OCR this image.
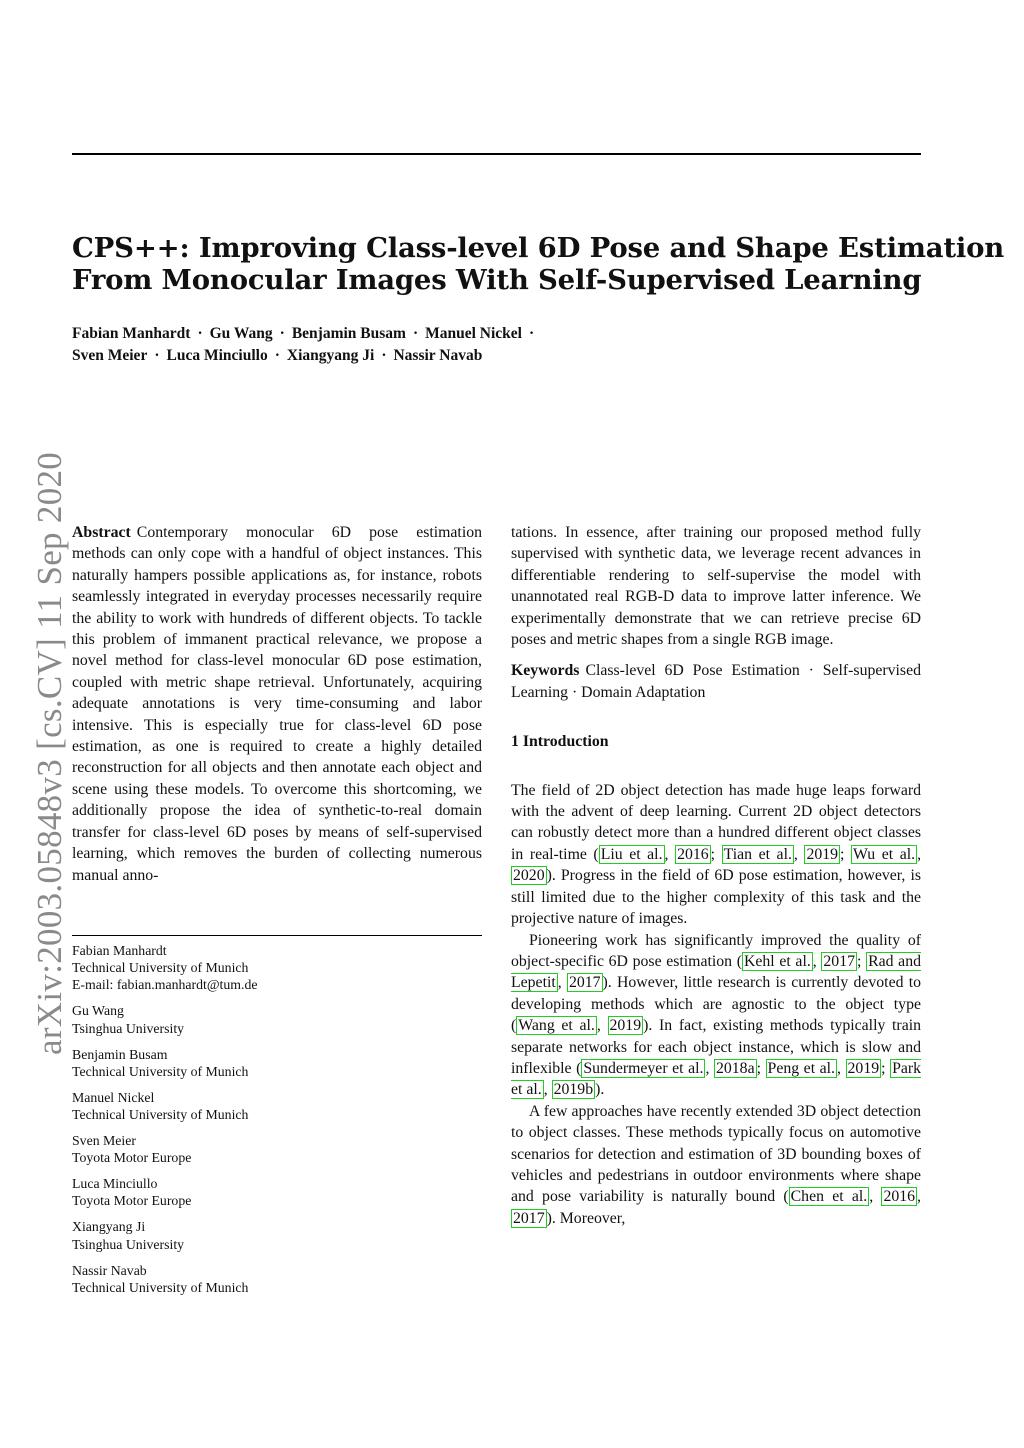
CPS++: Improving Class-level 6D Pose and Shape Estimation
From Monocular Images With Self-Supervised Learning
Fabian Manhardt · Gu Wang · Benjamin Busam · Manuel Nickel ·
Sven Meier · Luca Minciullo · Xiangyang Ji · Nassir Navab
arXiv:2003.05848v3 [cs.CV] 11 Sep 2020 Abstract Contemporary monocular 6D pose estimation methods can only cope with a handful of object instances. This naturally hampers possible applications as, for instance, robots seamlessly integrated in everyday processes necessarily require the ability to work with hundreds of different objects. To tackle this problem of immanent practical relevance, we propose a novel method for class-level monocular 6D pose estimation, coupled with metric shape retrieval. Unfortunately, acquiring adequate annotations is very time-consuming and labor intensive. This is especially true for class-level 6D pose estimation, as one is required to create a highly detailed reconstruction for all objects and then annotate each object and scene using these models. To overcome this shortcoming, we additionally propose the idea of synthetic-to-real domain transfer for class-level 6D poses by means of self-supervised learning, which removes the burden of collecting numerous manual anno-

Fabian Manhardt
Technical University of Munich
E-mail: fabian.manhardt@tum.de
Gu Wang
Tsinghua University
Benjamin Busam
Technical University of Munich
Manuel Nickel
Technical University of Munich
Sven Meier
Toyota Motor Europe
Luca Minciullo
Toyota Motor Europe
Xiangyang Ji
Tsinghua University
Nassir Navab
Technical University of Munich

tations. In essence, after training our proposed method fully supervised with synthetic data, we leverage recent advances in differentiable rendering to self-supervise the model with unannotated real RGB-D data to improve latter inference. We experimentally demonstrate that we can retrieve precise 6D poses and metric shapes from a single RGB image.

Keywords Class-level 6D Pose Estimation · Self-supervised Learning · Domain Adaptation

1 Introduction

The field of 2D object detection has made huge leaps forward with the advent of deep learning. Current 2D object detectors can robustly detect more than a hundred different object classes in real-time ( Liu et al. , 2016 ; Tian et al. , 2019 ; Wu et al. , 2020 ). Progress in the field of 6D pose estimation, however, is still limited due to the higher complexity of this task and the projective nature of images.

Pioneering work has significantly improved the quality of object-specific 6D pose estimation ( Kehl et al. , 2017 ; Rad and Lepetit , 2017 ). However, little research is currently devoted to developing methods which are agnostic to the object type ( Wang et al. , 2019 ). In fact, existing methods typically train separate networks for each object instance, which is slow and inflexible ( Sundermeyer et al. , 2018a ; Peng et al. , 2019 ; Park et al. , 2019b ).

A few approaches have recently extended 3D object detection to object classes. These methods typically focus on automotive scenarios for detection and estimation of 3D bounding boxes of vehicles and pedestrians in outdoor environments where shape and pose variability is naturally bound ( Chen et al. , 2016 , 2017 ). Moreover,
